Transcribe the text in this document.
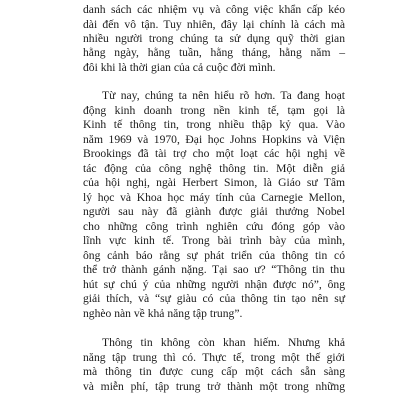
danh sách các nhiệm vụ và công việc khẩn cấp kéo
dài đến vô tận. Tuy nhiên, đây lại chính là cách mà
nhiều người trong chúng ta sử dụng quỹ thời gian
hằng ngày, hằng tuần, hằng tháng, hằng năm –
đôi khi là thời gian của cả cuộc đời mình.
Từ nay, chúng ta nên hiểu rõ hơn. Ta đang hoạt
động kinh doanh trong nền kinh tế, tạm gọi là
Kinh tế thông tin, trong nhiều thập kỷ qua. Vào
năm 1969 và 1970, Đại học Johns Hopkins và Viện
Brookings đã tài trợ cho một loạt các hội nghị về
tác động của công nghệ thông tin. Một diễn giả
của hội nghị, ngài Herbert Simon, là Giáo sư Tâm
lý học và Khoa học máy tính của Carnegie Mellon,
người sau này đã giành được giải thưởng Nobel
cho những công trình nghiên cứu đóng góp vào
lĩnh vực kinh tế. Trong bài trình bày của mình,
ông cảnh báo rằng sự phát triển của thông tin có
thể trở thành gánh nặng. Tại sao ư? “Thông tin thu
hút sự chú ý của những người nhận được nó”, ông
giải thích, và “sự giàu có của thông tin tạo nên sự
nghèo nàn về khả năng tập trung”.
Thông tin không còn khan hiếm. Nhưng khả
năng tập trung thì có. Thực tế, trong một thế giới
mà thông tin được cung cấp một cách sẵn sàng
và miễn phí, tập trung trở thành một trong những
